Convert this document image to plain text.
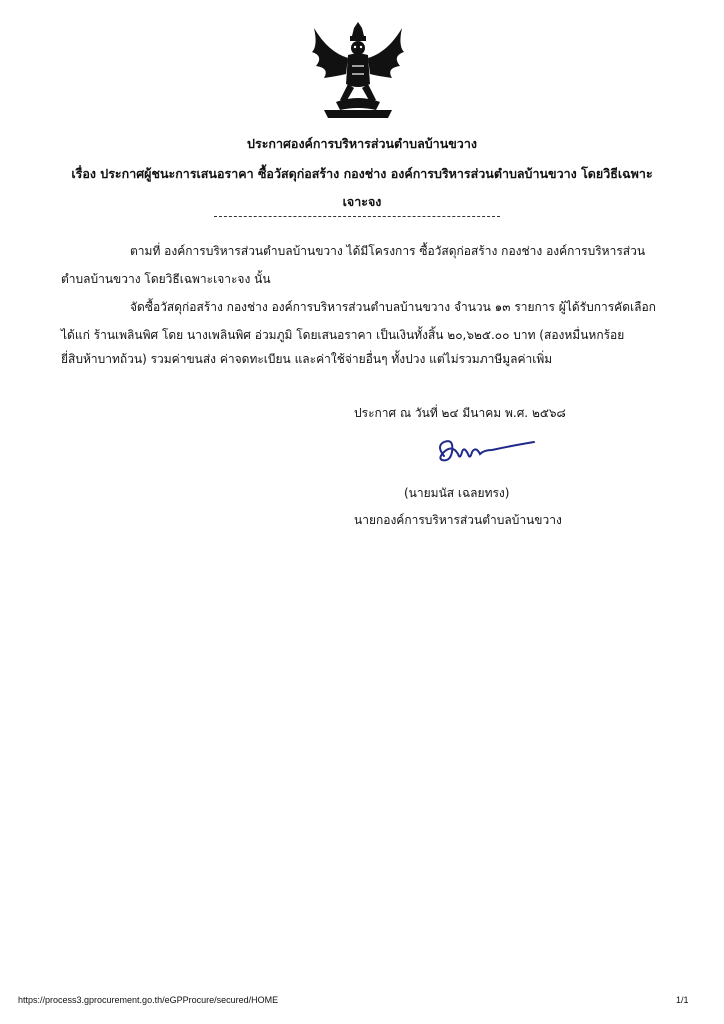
ประกาศองค์การบริหารส่วนตำบลบ้านขวาง
เรื่อง ประกาศผู้ชนะการเสนอราคา ซื้อวัสดุก่อสร้าง กองช่าง องค์การบริหารส่วนตำบลบ้านขวาง โดยวิธีเฉพาะ
เจาะจง
ตามที่ องค์การบริหารส่วนตำบลบ้านขวาง ได้มีโครงการ ซื้อวัสดุก่อสร้าง กองช่าง องค์การบริหารส่วน
ตำบลบ้านขวาง โดยวิธีเฉพาะเจาะจง นั้น
จัดซื้อวัสดุก่อสร้าง กองช่าง องค์การบริหารส่วนตำบลบ้านขวาง จำนวน ๑๓ รายการ ผู้ได้รับการคัดเลือก
ได้แก่ ร้านเพลินพิศ โดย นางเพลินพิศ อ่วมภูมิ โดยเสนอราคา เป็นเงินทั้งสิ้น ๒๐,๖๒๕.๐๐ บาท (สองหมื่นหกร้อย
ยี่สิบห้าบาทถ้วน) รวมค่าขนส่ง ค่าจดทะเบียน และค่าใช้จ่ายอื่นๆ ทั้งปวง แต่ไม่รวมภาษีมูลค่าเพิ่ม
ประกาศ ณ วันที่ ๒๔ มีนาคม พ.ศ. ๒๕๖๘
(นายมนัส เฉลยทรง)
นายกองค์การบริหารส่วนตำบลบ้านขวาง
https://process3.gprocurement.go.th/eGPProcure/secured/HOME	1/1
